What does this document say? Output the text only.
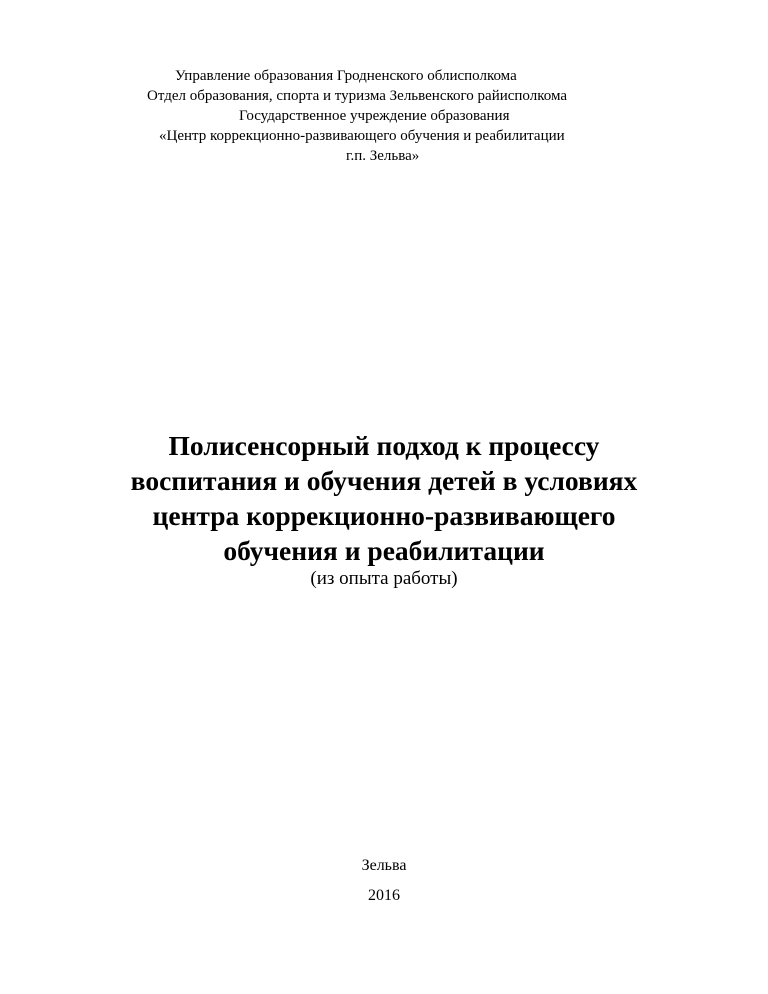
Управление образования Гродненского облисполкома
Отдел образования, спорта и туризма Зельвенского райисполкома
Государственное учреждение образования
«Центр коррекционно-развивающего обучения и реабилитации
г.п. Зельва»
Полисенсорный подход к процессу
воспитания и обучения детей в условиях
центра коррекционно-развивающего
обучения и реабилитации
(из опыта работы)
Зельва
2016
